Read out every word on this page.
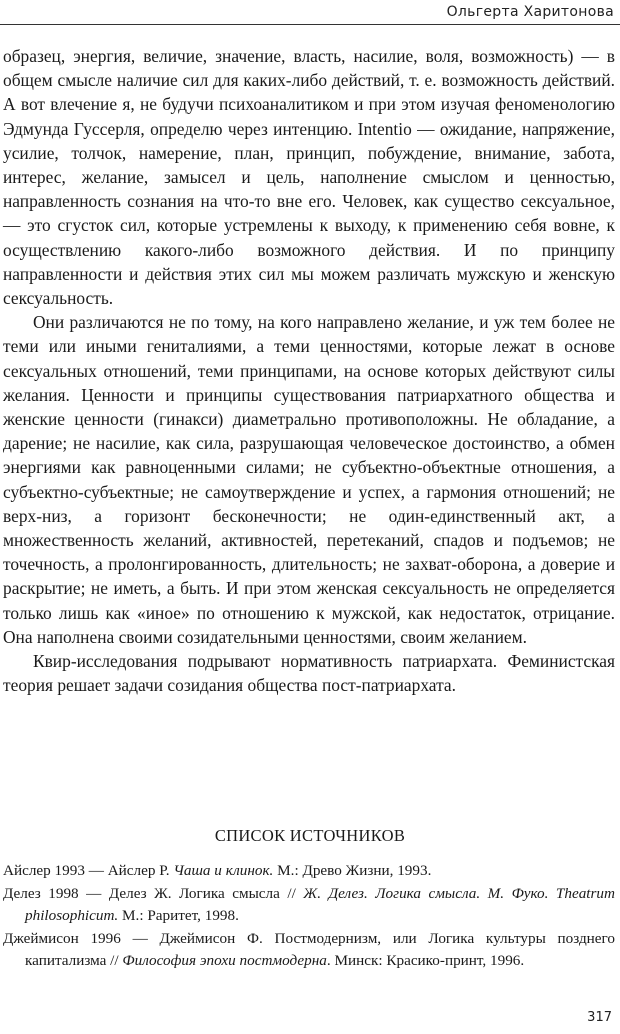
Ольгерта Харитонова

образец, энергия, величие, значение, власть, насилие, воля, возможность) — в общем смысле наличие сил для каких-либо действий, т. е. возможность действий. А вот влечение я, не будучи психоаналитиком и при этом изучая феноменологию Эдмунда Гуссерля, определю через интенцию. Intentio — ожидание, напряжение, усилие, толчок, намерение, план, принцип, побуждение, внимание, забота, интерес, желание, замысел и цель, наполнение смыслом и ценностью, направленность сознания на что-то вне его. Человек, как существо сексуальное, — это сгусток сил, которые устремлены к выходу, к применению себя вовне, к осуществлению какого-либо возможного действия. И по принципу направленности и действия этих сил мы можем различать мужскую и женскую сексуальность.

Они различаются не по тому, на кого направлено желание, и уж тем более не теми или иными гениталиями, а теми ценностями, которые лежат в основе сексуальных отношений, теми принципами, на основе которых действуют силы желания. Ценности и принципы существования патриархатного общества и женские ценности (гинакси) диаметрально противоположны. Не обладание, а дарение; не насилие, как сила, разрушающая человеческое достоинство, а обмен энергиями как равноценными силами; не субъектно-объектные отношения, а субъектно-субъектные; не самоутверждение и успех, а гармония отношений; не верх-низ, а горизонт бесконечности; не один-единственный акт, а множественность желаний, активностей, перетеканий, спадов и подъемов; не точечность, а пролонгированность, длительность; не захват-оборона, а доверие и раскрытие; не иметь, а быть. И при этом женская сексуальность не определяется только лишь как «иное» по отношению к мужской, как недостаток, отрицание. Она наполнена своими созидательными ценностями, своим желанием.

Квир-исследования подрывают нормативность патриархата. Феминистская теория решает задачи созидания общества пост-патриархата.

СПИСОК ИСТОЧНИКОВ

Айслер 1993 — Айслер Р. Чаша и клинок. М.: Древо Жизни, 1993.

Делез 1998 — Делез Ж. Логика смысла // Ж. Делез. Логика смысла. М. Фуко. Theatrum philosophicum. М.: Раритет, 1998.

Джеймисон 1996 — Джеймисон Ф. Постмодернизм, или Логика культуры позднего капитализма // Философия эпохи постмодерна. Минск: Красико-принт, 1996.

317
